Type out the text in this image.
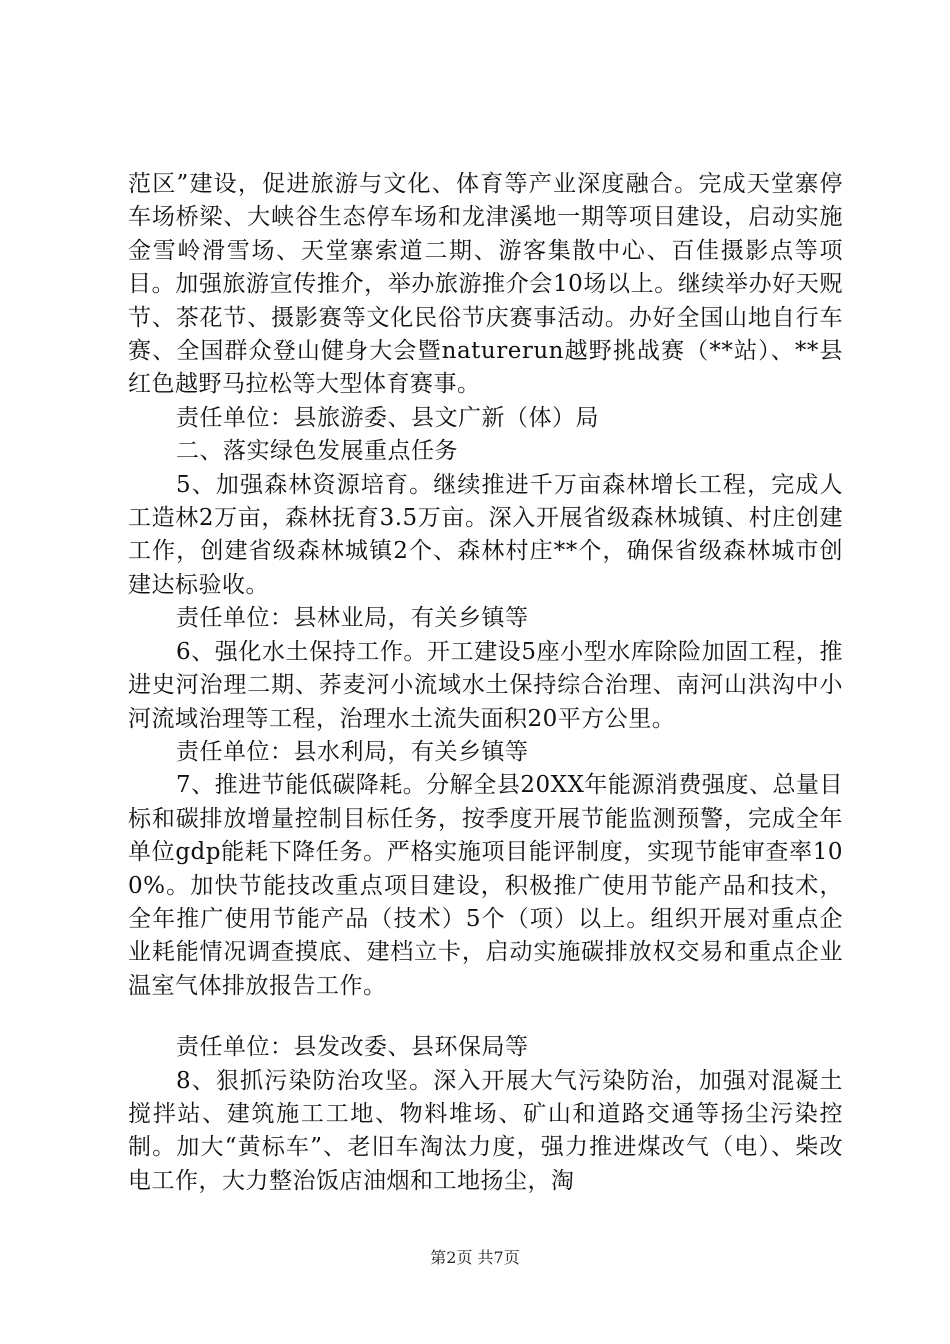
范区”建设，促进旅游与文化、体育等产业深度融合。完成天堂寨停车场桥梁、大峡谷生态停车场和龙津溪地一期等项目建设，启动实施金雪岭滑雪场、天堂寨索道二期、游客集散中心、百佳摄影点等项目。加强旅游宣传推介，举办旅游推介会10场以上。继续举办好天贶节、茶花节、摄影赛等文化民俗节庆赛事活动。办好全国山地自行车赛、全国群众登山健身大会暨naturerun越野挑战赛（**站）、**县红色越野马拉松等大型体育赛事。

责任单位：县旅游委、县文广新（体）局

二、落实绿色发展重点任务

5、加强森林资源培育。继续推进千万亩森林增长工程，完成人工造林2万亩，森林抚育3.5万亩。深入开展省级森林城镇、村庄创建工作，创建省级森林城镇2个、森林村庄**个，确保省级森林城市创建达标验收。

责任单位：县林业局，有关乡镇等

6、强化水土保持工作。开工建设5座小型水库除险加固工程，推进史河治理二期、荞麦河小流域水土保持综合治理、南河山洪沟中小河流域治理等工程，治理水土流失面积20平方公里。

责任单位：县水利局，有关乡镇等

7、推进节能低碳降耗。分解全县20XX年能源消费强度、总量目标和碳排放增量控制目标任务，按季度开展节能监测预警，完成全年单位gdp能耗下降任务。严格实施项目能评制度，实现节能审查率100%。加快节能技改重点项目建设，积极推广使用节能产品和技术，全年推广使用节能产品（技术）5个（项）以上。组织开展对重点企业耗能情况调查摸底、建档立卡，启动实施碳排放权交易和重点企业温室气体排放报告工作。

责任单位：县发改委、县环保局等

8、狠抓污染防治攻坚。深入开展大气污染防治，加强对混凝土搅拌站、建筑施工工地、物料堆场、矿山和道路交通等扬尘污染控制。加大“黄标车”、老旧车淘汰力度，强力推进煤改气（电）、柴改电工作，大力整治饭店油烟和工地扬尘，淘

第2页 共7页
